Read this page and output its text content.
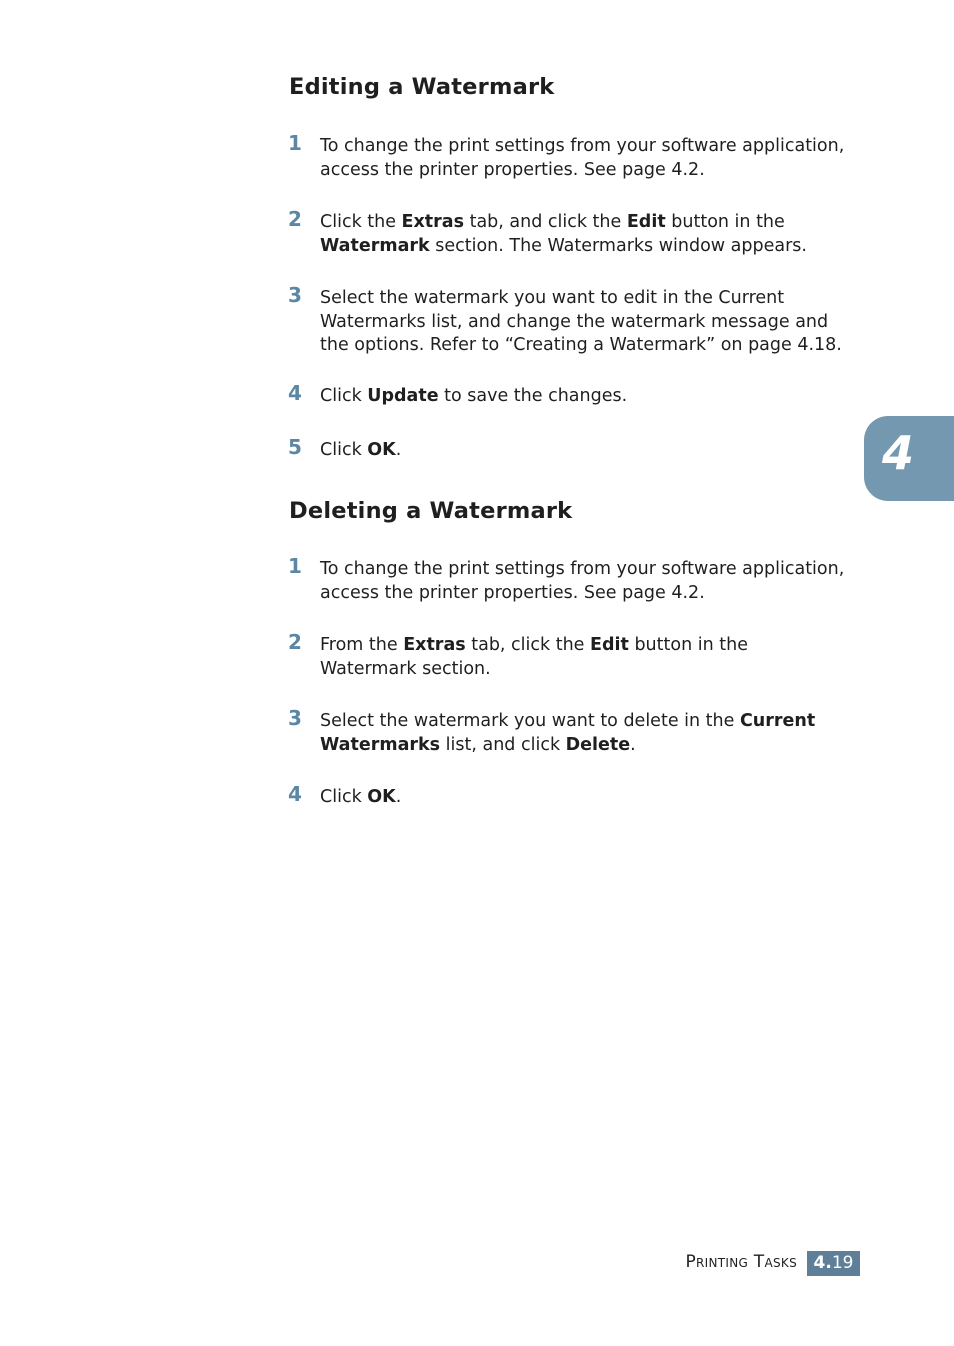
Editing a Watermark
1 To change the print settings from your software application,
access the printer properties. See page 4.2.
2 Click the Extras tab, and click the Edit button in the
Watermark section. The Watermarks window appears.
3 Select the watermark you want to edit in the Current
Watermarks list, and change the watermark message and
the options. Refer to “Creating a Watermark” on page 4.18.
4 Click Update to save the changes.
5 Click OK.
Deleting a Watermark
1 To change the print settings from your software application,
access the printer properties. See page 4.2.
2 From the Extras tab, click the Edit button in the
Watermark section.
3 Select the watermark you want to delete in the Current
Watermarks list, and click Delete.
4 Click OK.
4
Printing Tasks 4.19
